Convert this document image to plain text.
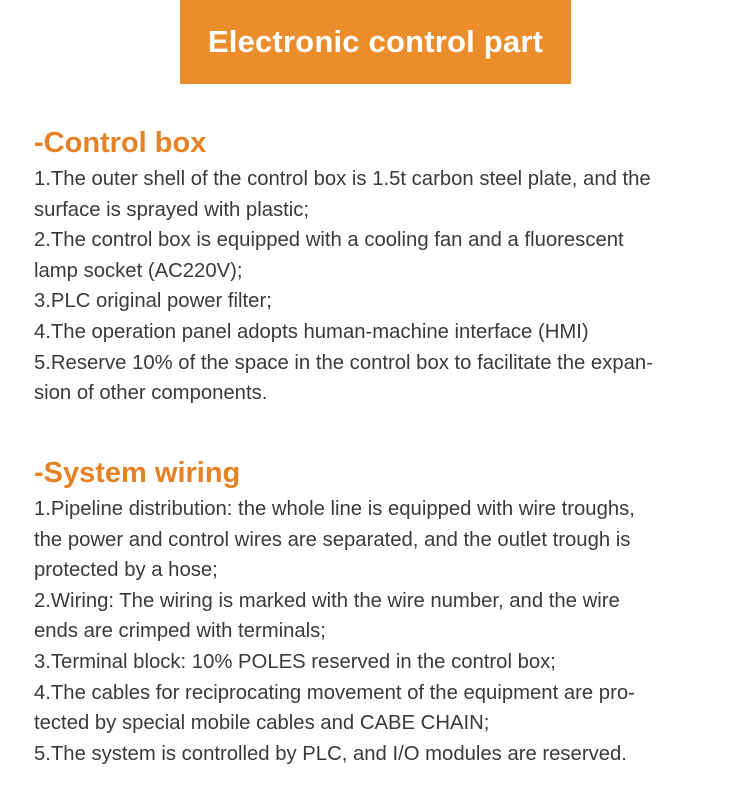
Electronic control part
-Control box
1.The outer shell of the control box is 1.5t carbon steel plate, and the
surface is sprayed with plastic;
2.The control box is equipped with a cooling fan and a fluorescent
lamp socket (AC220V);
3.PLC original power filter;
4.The operation panel adopts human-machine interface (HMI)
5.Reserve 10% of the space in the control box to facilitate the expan-
sion of other components.
-System wiring
1.Pipeline distribution: the whole line is equipped with wire troughs,
the power and control wires are separated, and the outlet trough is
protected by a hose;
2.Wiring: The wiring is marked with the wire number, and the wire
ends are crimped with terminals;
3.Terminal block: 10% POLES reserved in the control box;
4.The cables for reciprocating movement of the equipment are pro-
tected by special mobile cables and CABE CHAIN;
5.The system is controlled by PLC, and I/O modules are reserved.
